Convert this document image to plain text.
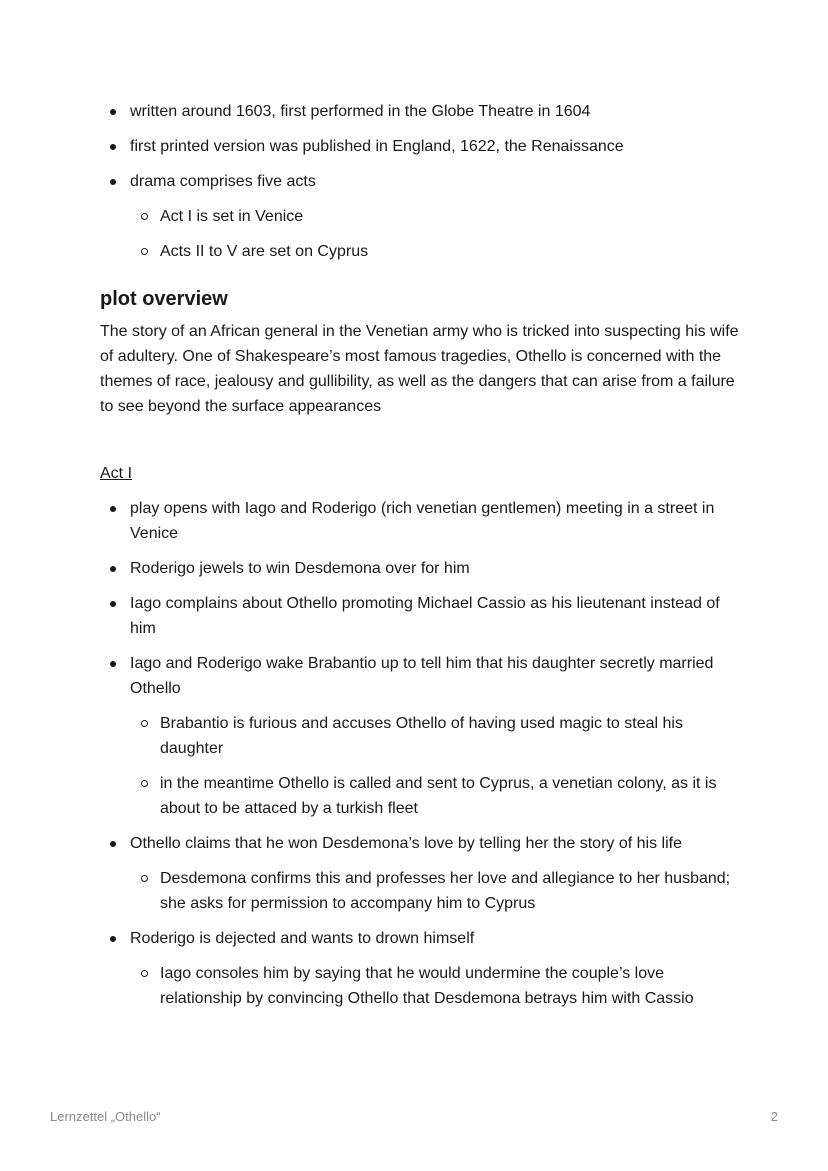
written around 1603, first performed in the Globe Theatre in 1604
first printed version was published in England, 1622, the Renaissance
drama comprises five acts
Act I is set in Venice
Acts II to V are set on Cyprus
plot overview

The story of an African general in the Venetian army who is tricked into suspecting his wife of adultery. One of Shakespeare’s most famous tragedies, Othello is concerned with the themes of race, jealousy and gullibility, as well as the dangers that can arise from a failure to see beyond the surface appearances

Act I

play opens with Iago and Roderigo (rich venetian gentlemen) meeting in a street in Venice
Roderigo jewels to win Desdemona over for him
Iago complains about Othello promoting Michael Cassio as his lieutenant instead of him
Iago and Roderigo wake Brabantio up to tell him that his daughter secretly married Othello
Brabantio is furious and accuses Othello of having used magic to steal his daughter
in the meantime Othello is called and sent to Cyprus, a venetian colony, as it is about to be attaced by a turkish fleet
Othello claims that he won Desdemona’s love by telling her the story of his life
Desdemona confirms this and professes her love and allegiance to her husband; she asks for permission to accompany him to Cyprus
Roderigo is dejected and wants to drown himself
Iago consoles him by saying that he would undermine the couple’s love relationship by convincing Othello that Desdemona betrays him with Cassio
Lernzettel „Othello“	2
